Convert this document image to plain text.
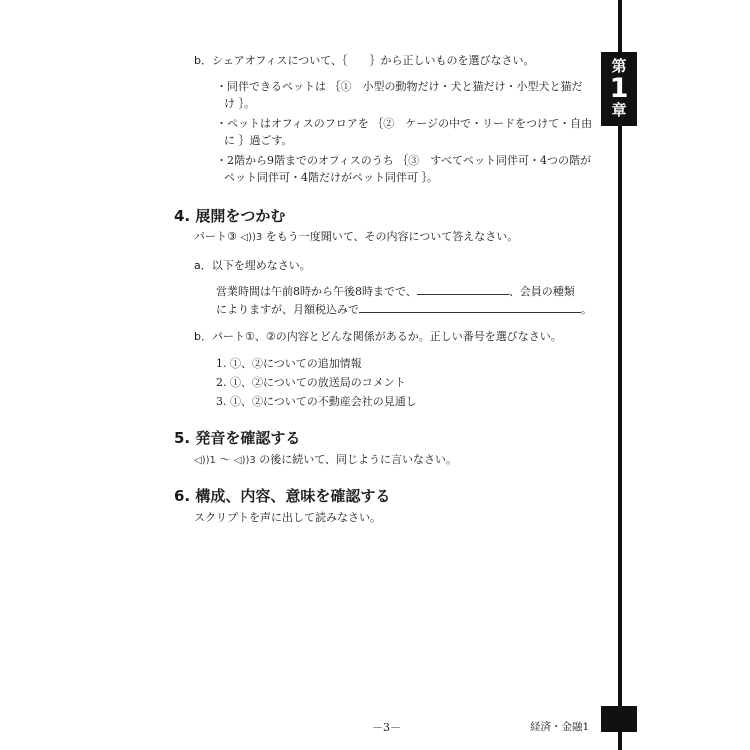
第
1
章
b．シェアオフィスについて、｛　　｝から正しいものを選びなさい。
・同伴できるペットは ｛①　小型の動物だけ・犬と猫だけ・小型犬と猫だ
け ｝。
・ペットはオフィスのフロアを ｛②　ケージの中で・リードをつけて・自由
に ｝過ごす。
・2階から9階までのオフィスのうち ｛③　すべてペット同伴可・4つの階が
ペット同伴可・4階だけがペット同伴可 ｝。
4. 展開をつかむ
パート③ ◁))3 をもう一度聞いて、その内容について答えなさい。
a．以下を埋めなさい。
営業時間は午前8時から午後8時までで、	、会員の種類
によりますが、月額税込みで	。
b．パート①、②の内容とどんな関係があるか。正しい番号を選びなさい。
1. ①、②についての追加情報
2. ①、②についての放送局のコメント
3. ①、②についての不動産会社の見通し
5. 発音を確認する
◁))1 〜 ◁))3 の後に続いて、同じように言いなさい。
6. 構成、内容、意味を確認する
スクリプトを声に出して読みなさい。
－3－	経済・金融1
